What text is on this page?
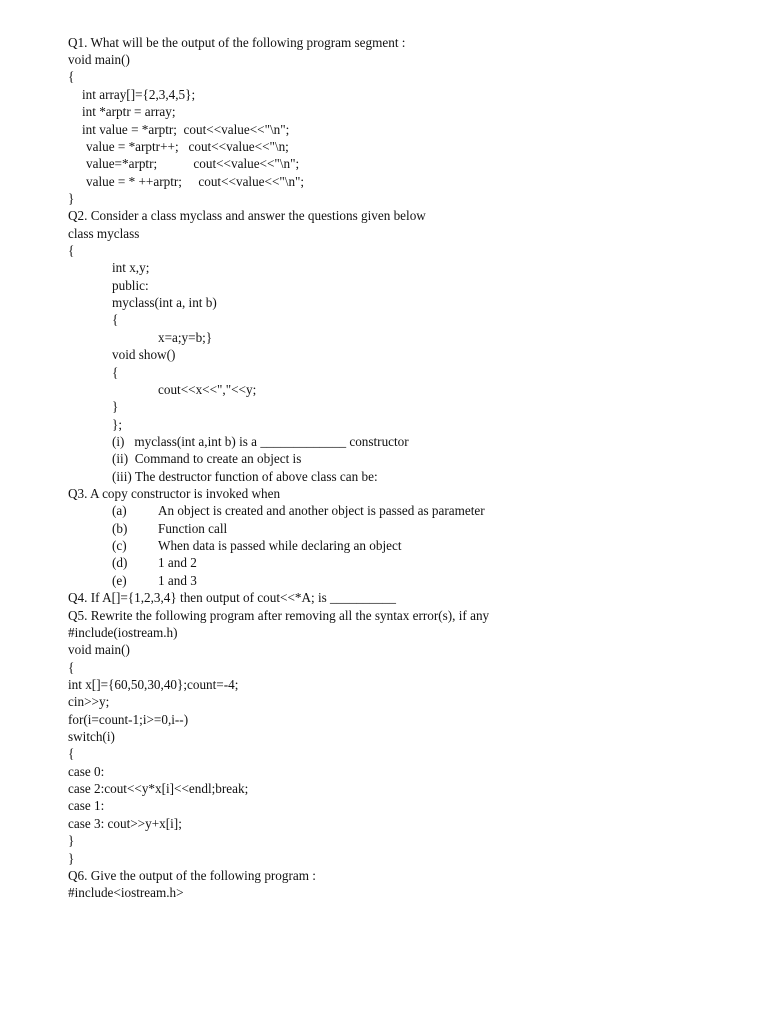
Q1. What will be the output of the following program segment :
void main()
{
int array[]={2,3,4,5};
int *arptr = array;
int value = *arptr;  cout<<value<<"\n";
value = *arptr++;   cout<<value<<"\n;
value=*arptr;           cout<<value<<"\n";
value = * ++arptr;     cout<<value<<"\n";
}
Q2. Consider a class myclass and answer the questions given below
class myclass
{
int x,y;
public:
myclass(int a, int b)
{
x=a;y=b;}
void show()
{
cout<<x<<","<<y;
}
};
(i)   myclass(int a,int b) is a _____________ constructor
(ii)  Command to create an object is
(iii) The destructor function of above class can be:
Q3. A copy constructor is invoked when
(a) An object is created and another object is passed as parameter
(b) Function call
(c) When data is passed while declaring an object
(d) 1 and 2
(e) 1 and 3
Q4. If A[]={1,2,3,4} then output of cout<<*A; is __________
Q5. Rewrite the following program after removing all the syntax error(s), if any
#include(iostream.h)
void main()
{
int x[]={60,50,30,40};count=-4;
cin>>y;
for(i=count-1;i>=0,i--)
switch(i)
{
case 0:
case 2:cout<<y*x[i]<<endl;break;
case 1:
case 3: cout>>y+x[i];
}
}
Q6. Give the output of the following program :
#include<iostream.h>
